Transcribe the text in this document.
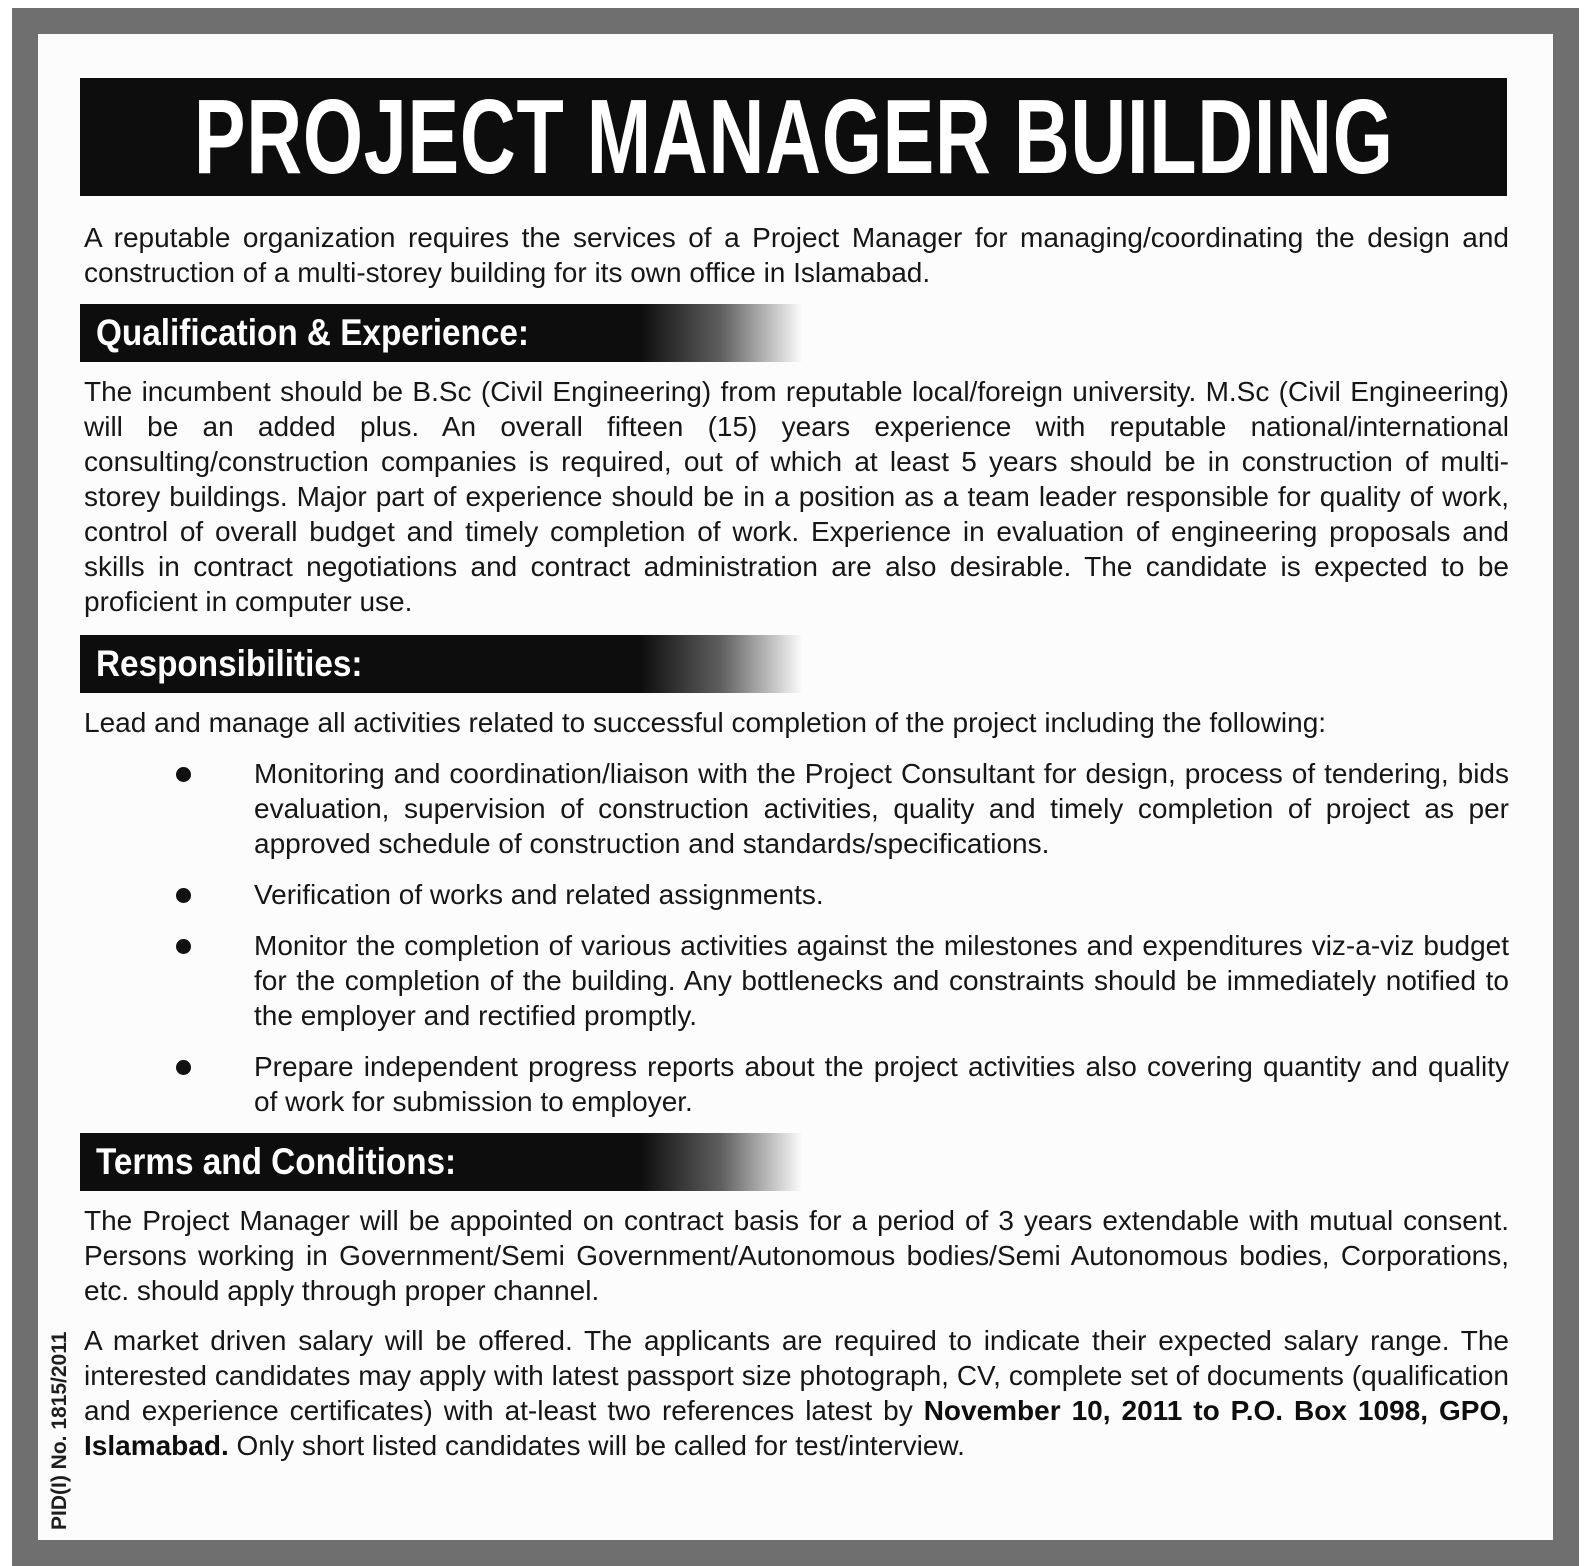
PROJECT MANAGER BUILDING

A reputable organization requires the services of a Project Manager for managing/coordinating the design and construction of a multi-storey building for its own office in Islamabad.

Qualification & Experience:

The incumbent should be B.Sc (Civil Engineering) from reputable local/foreign university. M.Sc (Civil Engineering) will be an added plus. An overall fifteen (15) years experience with reputable national/international consulting/construction companies is required, out of which at least 5 years should be in construction of multi-storey buildings. Major part of experience should be in a position as a team leader responsible for quality of work, control of overall budget and timely completion of work. Experience in evaluation of engineering proposals and skills in contract negotiations and contract administration are also desirable. The candidate is expected to be proficient in computer use.

Responsibilities:

Lead and manage all activities related to successful completion of the project including the following:

Monitoring and coordination/liaison with the Project Consultant for design, process of tendering, bids evaluation, supervision of construction activities, quality and timely completion of project as per approved schedule of construction and standards/specifications.
Verification of works and related assignments.
Monitor the completion of various activities against the milestones and expenditures viz-a-viz budget for the completion of the building. Any bottlenecks and constraints should be immediately notified to the employer and rectified promptly.
Prepare independent progress reports about the project activities also covering quantity and quality of work for submission to employer.
Terms and Conditions:

The Project Manager will be appointed on contract basis for a period of 3 years extendable with mutual consent. Persons working in Government/Semi Government/Autonomous bodies/Semi Autonomous bodies, Corporations, etc. should apply through proper channel.

A market driven salary will be offered. The applicants are required to indicate their expected salary range. The interested candidates may apply with latest passport size photograph, CV, complete set of documents (qualification and experience certificates) with at-least two references latest by November 10, 2011 to P.O. Box 1098, GPO, Islamabad. Only short listed candidates will be called for test/interview.

PID(I) No. 1815/2011
